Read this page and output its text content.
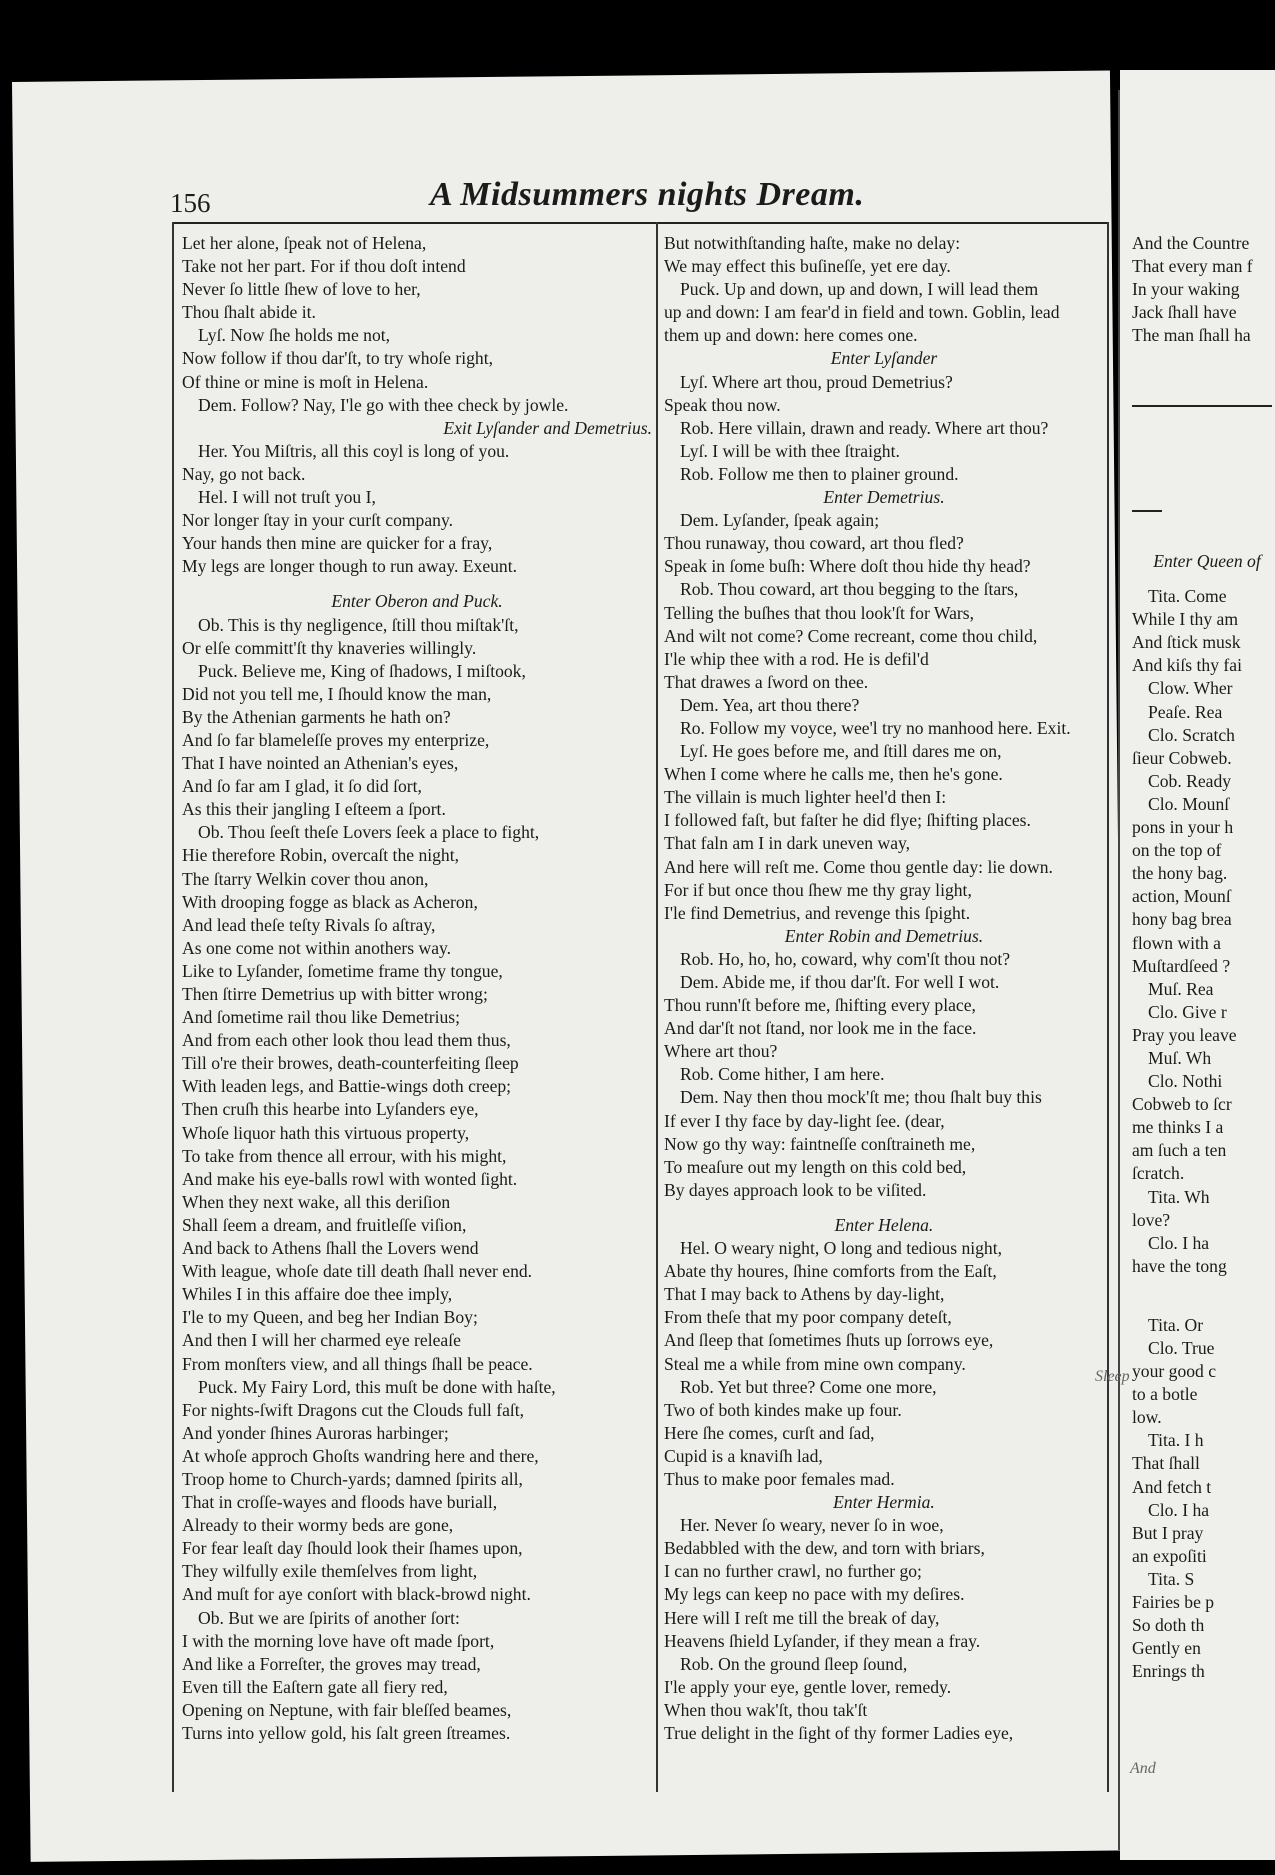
156	A Midsummers nights Dream.
Let her alone, ſpeak not of Helena,
Take not her part. For if thou doſt intend
Never ſo little ſhew of love to her,
Thou ſhalt abide it.
Lyſ. Now ſhe holds me not,
Now follow if thou dar'ſt, to try whoſe right,
Of thine or mine is moſt in Helena.
Dem. Follow? Nay, I'le go with thee check by jowle.
Exit Lyſander and Demetrius.
Her. You Miſtris, all this coyl is long of you.
Nay, go not back.
Hel. I will not truſt you I,
Nor longer ſtay in your curſt company.
Your hands then mine are quicker for a fray,
My legs are longer though to run away. Exeunt.
Enter Oberon and Puck.
Ob. This is thy negligence, ſtill thou miſtak'ſt,
Or elſe committ'ſt thy knaveries willingly.
Puck. Believe me, King of ſhadows, I miſtook,
Did not you tell me, I ſhould know the man,
By the Athenian garments he hath on?
And ſo far blameleſſe proves my enterprize,
That I have nointed an Athenian's eyes,
And ſo far am I glad, it ſo did ſort,
As this their jangling I eſteem a ſport.
Ob. Thou ſeeſt theſe Lovers ſeek a place to fight,
Hie therefore Robin, overcaſt the night,
The ſtarry Welkin cover thou anon,
With drooping fogge as black as Acheron,
And lead theſe teſty Rivals ſo aſtray,
As one come not within anothers way.
Like to Lyſander, ſometime frame thy tongue,
Then ſtirre Demetrius up with bitter wrong;
And ſometime rail thou like Demetrius;
And from each other look thou lead them thus,
Till o're their browes, death-counterfeiting ſleep
With leaden legs, and Battie-wings doth creep;
Then cruſh this hearbe into Lyſanders eye,
Whoſe liquor hath this virtuous property,
To take from thence all errour, with his might,
And make his eye-balls rowl with wonted ſight.
When they next wake, all this deriſion
Shall ſeem a dream, and fruitleſſe viſion,
And back to Athens ſhall the Lovers wend
With league, whoſe date till death ſhall never end.
Whiles I in this affaire doe thee imply,
I'le to my Queen, and beg her Indian Boy;
And then I will her charmed eye releaſe
From monſters view, and all things ſhall be peace.
Puck. My Fairy Lord, this muſt be done with haſte,
For nights-ſwift Dragons cut the Clouds full faſt,
And yonder ſhines Auroras harbinger;
At whoſe approch Ghoſts wandring here and there,
Troop home to Church-yards; damned ſpirits all,
That in croſſe-wayes and floods have buriall,
Already to their wormy beds are gone,
For fear leaſt day ſhould look their ſhames upon,
They wilfully exile themſelves from light,
And muſt for aye conſort with black-browd night.
Ob. But we are ſpirits of another ſort:
I with the morning love have oft made ſport,
And like a Forreſter, the groves may tread,
Even till the Eaſtern gate all fiery red,
Opening on Neptune, with fair bleſſed beames,
Turns into yellow gold, his ſalt green ſtreames.
But notwithſtanding haſte, make no delay:
We may effect this buſineſſe, yet ere day.
Puck. Up and down, up and down, I will lead them
up and down: I am fear'd in field and town. Goblin, lead
them up and down: here comes one.
Enter Lyſander
Lyſ. Where art thou, proud Demetrius?
Speak thou now.
Rob. Here villain, drawn and ready. Where art thou?
Lyſ. I will be with thee ſtraight.
Rob. Follow me then to plainer ground.
Enter Demetrius.
Dem. Lyſander, ſpeak again;
Thou runaway, thou coward, art thou fled?
Speak in ſome buſh: Where doſt thou hide thy head?
Rob. Thou coward, art thou begging to the ſtars,
Telling the buſhes that thou look'ſt for Wars,
And wilt not come? Come recreant, come thou child,
I'le whip thee with a rod. He is defil'd
That drawes a ſword on thee.
Dem. Yea, art thou there?
Ro. Follow my voyce, wee'l try no manhood here. Exit.
Lyſ. He goes before me, and ſtill dares me on,
When I come where he calls me, then he's gone.
The villain is much lighter heel'd then I:
I followed faſt, but faſter he did flye; ſhifting places.
That faln am I in dark uneven way,
And here will reſt me. Come thou gentle day: lie down.
For if but once thou ſhew me thy gray light,
I'le find Demetrius, and revenge this ſpight.
Enter Robin and Demetrius.
Rob. Ho, ho, ho, coward, why com'ſt thou not?
Dem. Abide me, if thou dar'ſt. For well I wot.
Thou runn'ſt before me, ſhifting every place,
And dar'ſt not ſtand, nor look me in the face.
Where art thou?
Rob. Come hither, I am here.
Dem. Nay then thou mock'ſt me; thou ſhalt buy this
If ever I thy face by day-light ſee. (dear,
Now go thy way: faintneſſe conſtraineth me,
To meaſure out my length on this cold bed,
By dayes approach look to be viſited.
Enter Helena.
Hel. O weary night, O long and tedious night,
Abate thy houres, ſhine comforts from the Eaſt,
That I may back to Athens by day-light,
From theſe that my poor company deteſt,
And ſleep that ſometimes ſhuts up ſorrows eye,
Steal me a while from mine own company.
Rob. Yet but three? Come one more,
Two of both kindes make up four.
Here ſhe comes, curſt and ſad,
Cupid is a knaviſh lad,
Thus to make poor females mad.
Enter Hermia.
Her. Never ſo weary, never ſo in woe,
Bedabbled with the dew, and torn with briars,
I can no further crawl, no further go;
My legs can keep no pace with my deſires.
Here will I reſt me till the break of day,
Heavens ſhield Lyſander, if they mean a fray.
Rob. On the ground ſleep ſound,
I'le apply your eye, gentle lover, remedy.
When thou wak'ſt, thou tak'ſt
True delight in the ſight of thy former Ladies eye,
Sleep
And
And the Countre
That every man f
In your waking
Jack ſhall have
The man ſhall ha
Enter Queen of
Tita. Come
While I thy am
And ſtick musk
And kiſs thy fai
Clow. Wher
Peaſe. Rea
Clo. Scratch
ſieur Cobweb.
Cob. Ready
Clo. Mounſ
pons in your h
on the top of
the hony bag.
action, Mounſ
hony bag brea
flown with a
Muſtardſeed ?
Muſ. Rea
Clo. Give r
Pray you leave
Muſ. Wh
Clo. Nothi
Cobweb to ſcr
me thinks I a
am ſuch a ten
ſcratch.
Tita. Wh
love?
Clo. I ha
have the tong
Tita. Or
Clo. True
your good c
to a botle
low.
Tita. I h
That ſhall
And fetch t
Clo. I ha
But I pray
an expoſiti
Tita. S
Fairies be p
So doth th
Gently en
Enrings th
